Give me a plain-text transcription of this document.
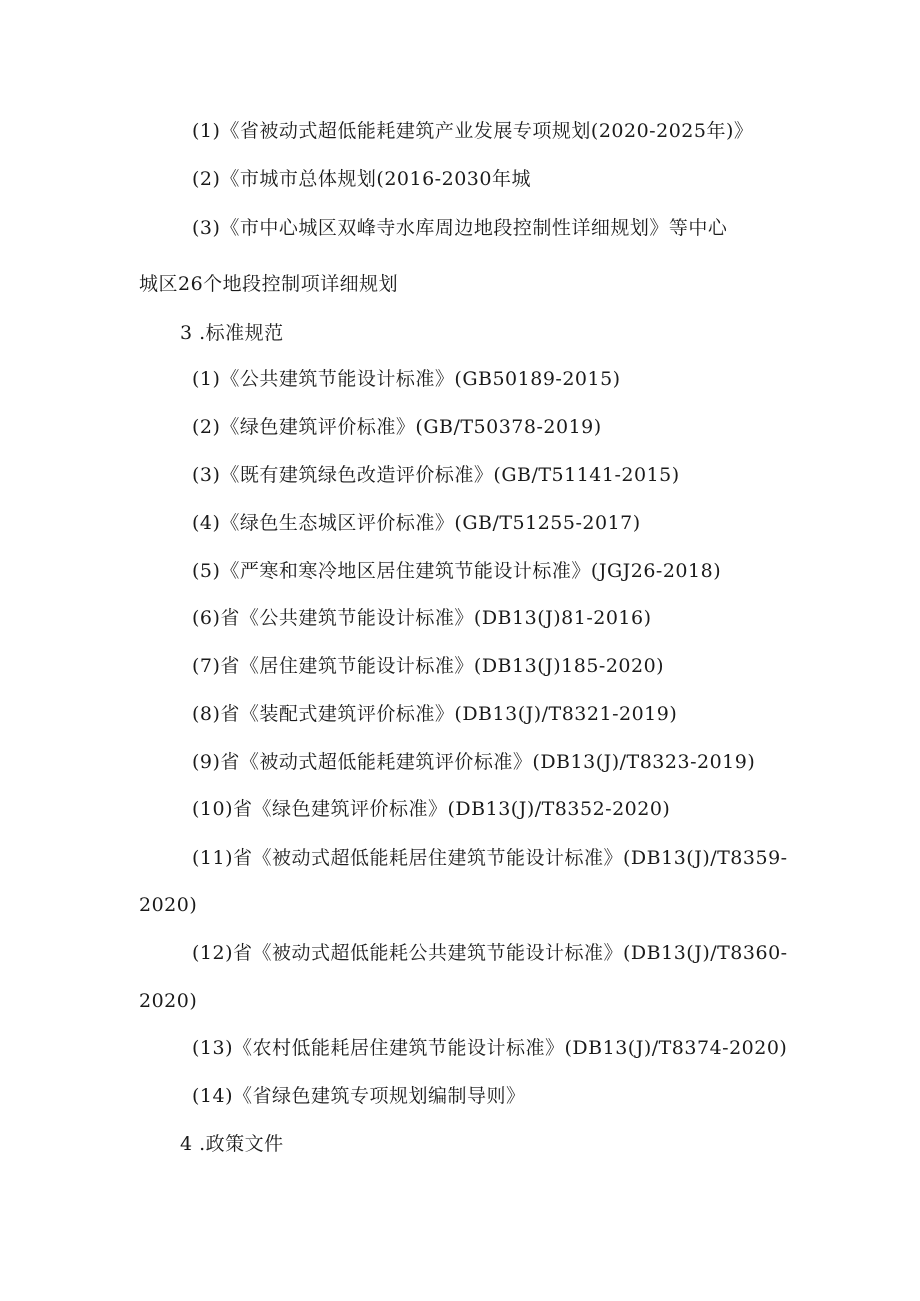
(1)《省被动式超低能耗建筑产业发展专项规划(2020-2025年)》
(2)《市城市总体规划(2016-2030年城
(3)《市中心城区双峰寺水库周边地段控制性详细规划》等中心
城区26个地段控制项详细规划
3 .标准规范
(1)《公共建筑节能设计标准》(GB50189-2015)
(2)《绿色建筑评价标准》(GB/T50378-2019)
(3)《既有建筑绿色改造评价标准》(GB/T51141-2015)
(4)《绿色生态城区评价标准》(GB/T51255-2017)
(5)《严寒和寒冷地区居住建筑节能设计标准》(JGJ26-2018)
(6)省《公共建筑节能设计标准》(DB13(J)81-2016)
(7)省《居住建筑节能设计标准》(DB13(J)185-2020)
(8)省《装配式建筑评价标准》(DB13(J)/T8321-2019)
(9)省《被动式超低能耗建筑评价标准》(DB13(J)/T8323-2019)
(10)省《绿色建筑评价标准》(DB13(J)/T8352-2020)
(11)省《被动式超低能耗居住建筑节能设计标准》(DB13(J)/T8359-
2020)
(12)省《被动式超低能耗公共建筑节能设计标准》(DB13(J)/T8360-
2020)
(13)《农村低能耗居住建筑节能设计标准》(DB13(J)/T8374-2020)
(14)《省绿色建筑专项规划编制导则》
4 .政策文件
